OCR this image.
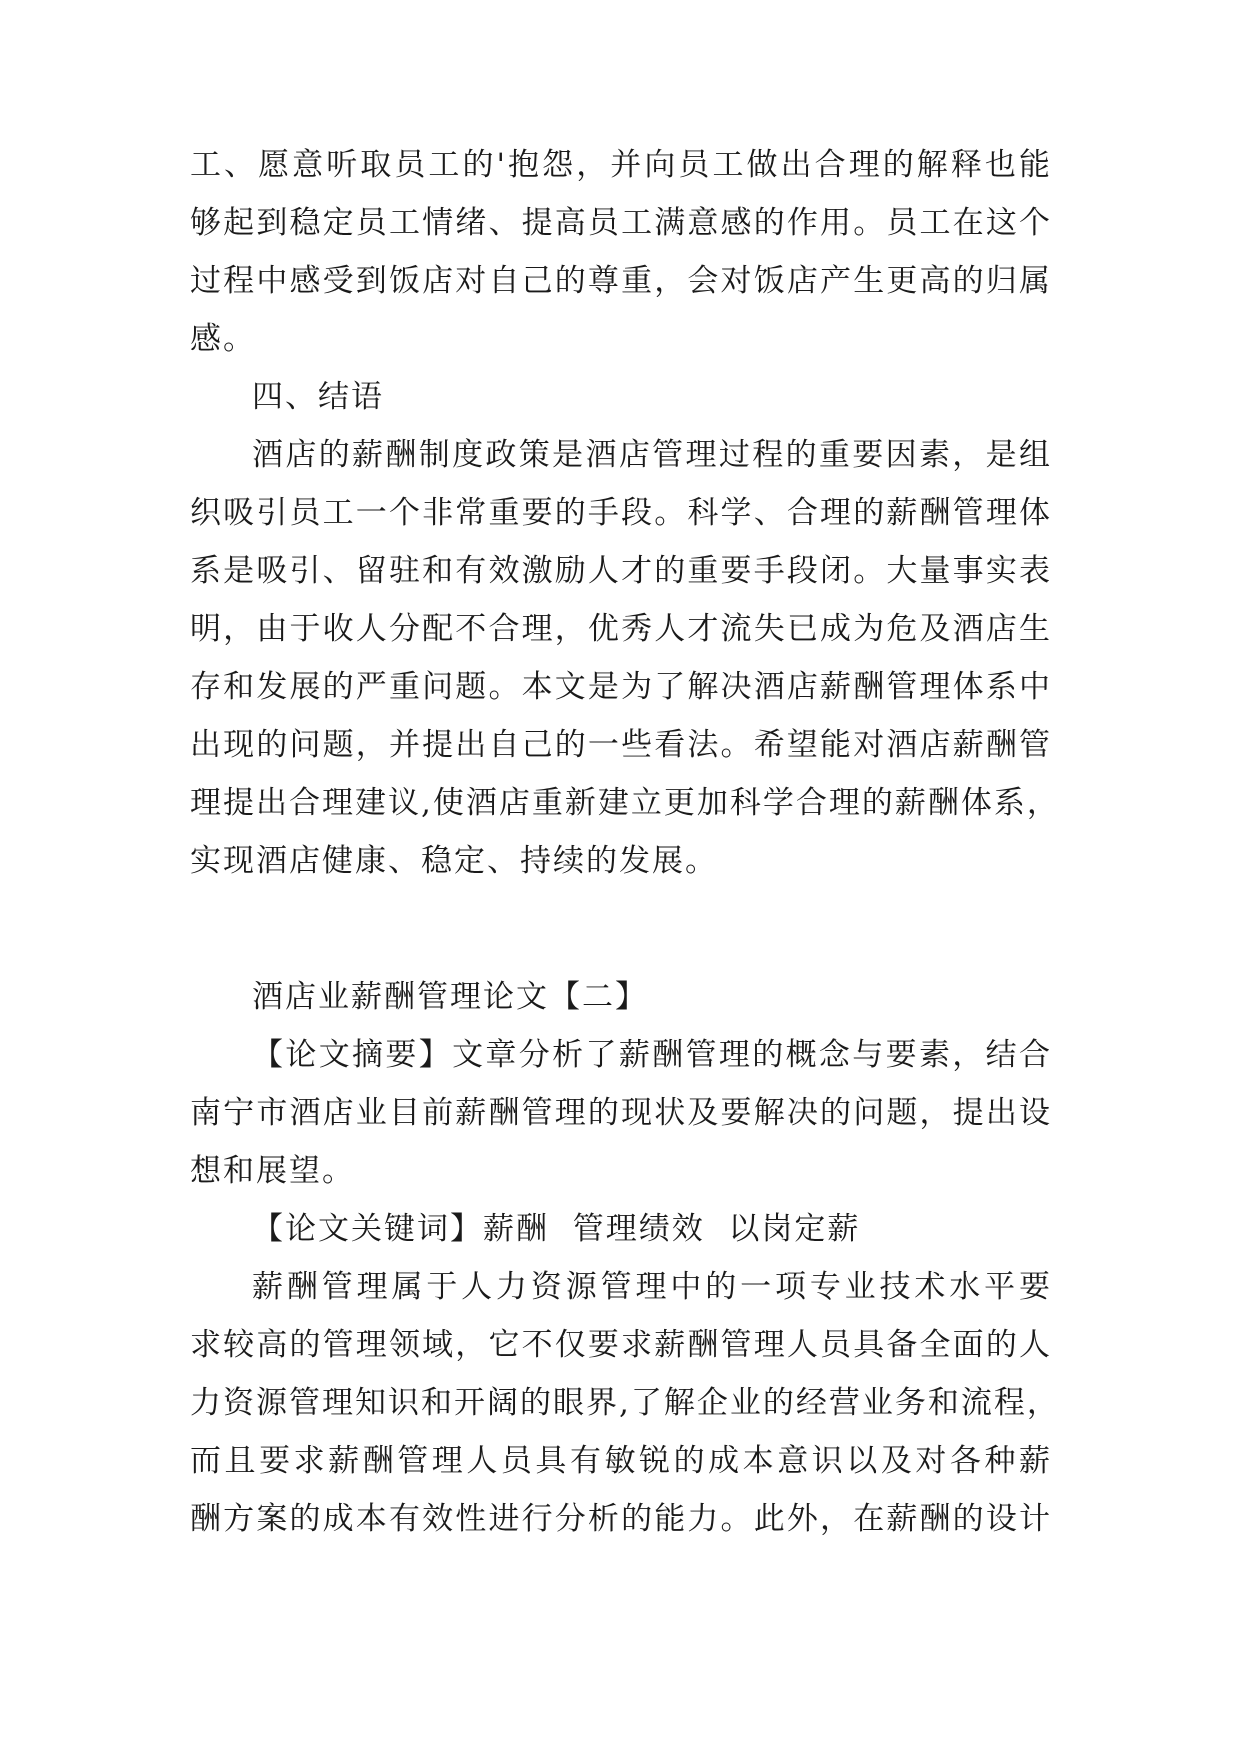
工、愿意听取员工的'抱怨，并向员工做出合理的解释也能
够起到稳定员工情绪、提高员工满意感的作用。员工在这个
过程中感受到饭店对自己的尊重，会对饭店产生更高的归属
感。
四、结语
酒店的薪酬制度政策是酒店管理过程的重要因素，是组
织吸引员工一个非常重要的手段。科学、合理的薪酬管理体
系是吸引、留驻和有效激励人才的重要手段闭。大量事实表
明，由于收人分配不合理，优秀人才流失已成为危及酒店生
存和发展的严重问题。本文是为了解决酒店薪酬管理体系中
出现的问题，并提出自己的一些看法。希望能对酒店薪酬管
理提出合理建议,使酒店重新建立更加科学合理的薪酬体系，
实现酒店健康、稳定、持续的发展。
酒店业薪酬管理论文【二】
【论文摘要】文章分析了薪酬管理的概念与要素，结合
南宁市酒店业目前薪酬管理的现状及要解决的问题，提出设
想和展望。
【论文关键词】薪酬  管理绩效  以岗定薪
薪酬管理属于人力资源管理中的一项专业技术水平要
求较高的管理领域，它不仅要求薪酬管理人员具备全面的人
力资源管理知识和开阔的眼界,了解企业的经营业务和流程，
而且要求薪酬管理人员具有敏锐的成本意识以及对各种薪
酬方案的成本有效性进行分析的能力。此外，在薪酬的设计
